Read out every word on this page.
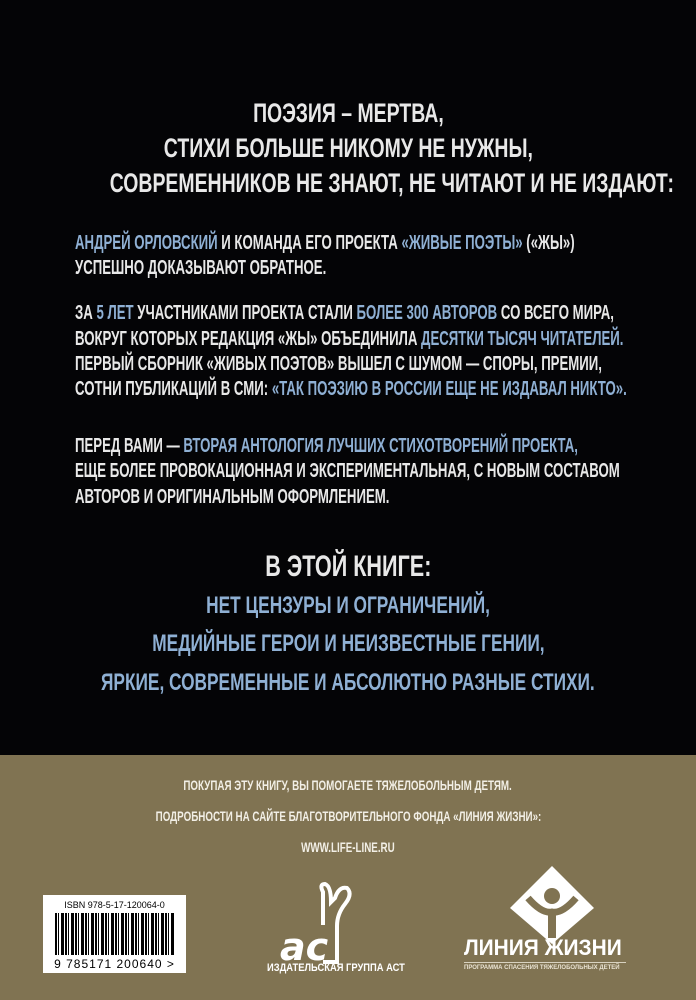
ПОЭЗИЯ – МЕРТВА,
СТИХИ БОЛЬШЕ НИКОМУ НЕ НУЖНЫ,
СОВРЕМЕННИКОВ НЕ ЗНАЮТ, НЕ ЧИТАЮТ И НЕ ИЗДАЮТ:
АНДРЕЙ ОРЛОВСКИЙ И КОМАНДА ЕГО ПРОЕКТА «ЖИВЫЕ ПОЭТЫ» («ЖЫ»)
УСПЕШНО ДОКАЗЫВАЮТ ОБРАТНОЕ.
ЗА 5 ЛЕТ УЧАСТНИКАМИ ПРОЕКТА СТАЛИ БОЛЕЕ 300 АВТОРОВ СО ВСЕГО МИРА,
ВОКРУГ КОТОРЫХ РЕДАКЦИЯ «ЖЫ» ОБЪЕДИНИЛА ДЕСЯТКИ ТЫСЯЧ ЧИТАТЕЛЕЙ.
ПЕРВЫЙ СБОРНИК «ЖИВЫХ ПОЭТОВ» ВЫШЕЛ С ШУМОМ — СПОРЫ, ПРЕМИИ,
СОТНИ ПУБЛИКАЦИЙ В СМИ: «ТАК ПОЭЗИЮ В РОССИИ ЕЩЕ НЕ ИЗДАВАЛ НИКТО».
ПЕРЕД ВАМИ — ВТОРАЯ АНТОЛОГИЯ ЛУЧШИХ СТИХОТВОРЕНИЙ ПРОЕКТА,
ЕЩЕ БОЛЕЕ ПРОВОКАЦИОННАЯ И ЭКСПЕРИМЕНТАЛЬНАЯ, С НОВЫМ СОСТАВОМ
АВТОРОВ И ОРИГИНАЛЬНЫМ ОФОРМЛЕНИЕМ.
В ЭТОЙ КНИГЕ:
НЕТ ЦЕНЗУРЫ И ОГРАНИЧЕНИЙ,
МЕДИЙНЫЕ ГЕРОИ И НЕИЗВЕСТНЫЕ ГЕНИИ,
ЯРКИЕ, СОВРЕМЕННЫЕ И АБСОЛЮТНО РАЗНЫЕ СТИХИ.
ПОКУПАЯ ЭТУ КНИГУ, ВЫ ПОМОГАЕТЕ ТЯЖЕЛОБОЛЬНЫМ ДЕТЯМ.
ПОДРОБНОСТИ НА САЙТЕ БЛАГОТВОРИТЕЛЬНОГО ФОНДА «ЛИНИЯ ЖИЗНИ»:
WWW.LIFE-LINE.RU
ISBN 978-5-17-120064-0
9 785171 200640 >	ac
ИЗДАТЕЛЬСКАЯ ГРУППА АСТ
ЛИНИЯ ЖИЗНИ
ПРОГРАММА СПАСЕНИЯ ТЯЖЕЛОБОЛЬНЫХ ДЕТЕЙ
